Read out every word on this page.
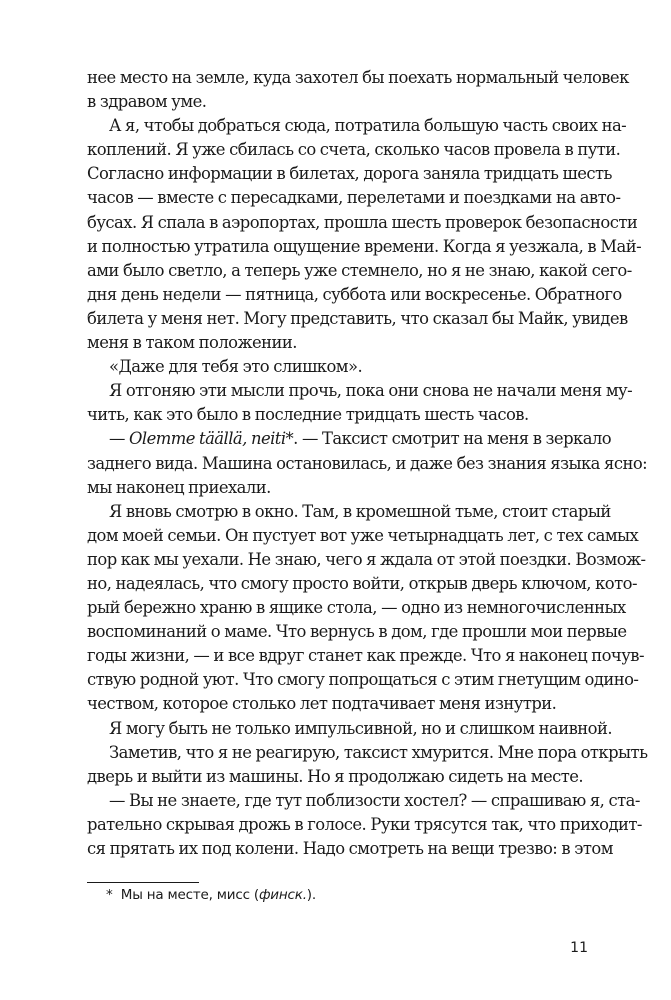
нее место на земле, куда захотел бы поехать нормальный человек
в здравом уме.
А я, чтобы добраться сюда, потратила большую часть своих на-
коплений. Я уже сбилась со счета, сколько часов провела в пути.
Согласно информации в билетах, дорога заняла тридцать шесть
часов — вместе с пересадками, перелетами и поездками на авто-
бусах. Я спала в аэропортах, прошла шесть проверок безопасности
и полностью утратила ощущение времени. Когда я уезжала, в Май-
ами было светло, а теперь уже стемнело, но я не знаю, какой сего-
дня день недели — пятница, суббота или воскресенье. Обратного
билета у меня нет. Могу представить, что сказал бы Майк, увидев
меня в таком положении.
«Даже для тебя это слишком».
Я отгоняю эти мысли прочь, пока они снова не начали меня му-
чить, как это было в последние тридцать шесть часов.
— Olemme täällä, neiti*. — Таксист смотрит на меня в зеркало
заднего вида. Машина остановилась, и даже без знания языка ясно:
мы наконец приехали.
Я вновь смотрю в окно. Там, в кромешной тьме, стоит старый
дом моей семьи. Он пустует вот уже четырнадцать лет, с тех самых
пор как мы уехали. Не знаю, чего я ждала от этой поездки. Возмож-
но, надеялась, что смогу просто войти, открыв дверь ключом, кото-
рый бережно храню в ящике стола, — одно из немногочисленных
воспоминаний о маме. Что вернусь в дом, где прошли мои первые
годы жизни, — и все вдруг станет как прежде. Что я наконец почув-
ствую родной уют. Что смогу попрощаться с этим гнетущим одино-
чеством, которое столько лет подтачивает меня изнутри.
Я могу быть не только импульсивной, но и слишком наивной.
Заметив, что я не реагирую, таксист хмурится. Мне пора открыть
дверь и выйти из машины. Но я продолжаю сидеть на месте.
— Вы не знаете, где тут поблизости хостел? — спрашиваю я, ста-
рательно скрывая дрожь в голосе. Руки трясутся так, что приходит-
ся прятать их под колени. Надо смотреть на вещи трезво: в этом
* Мы на месте, мисс (финск.).
11
